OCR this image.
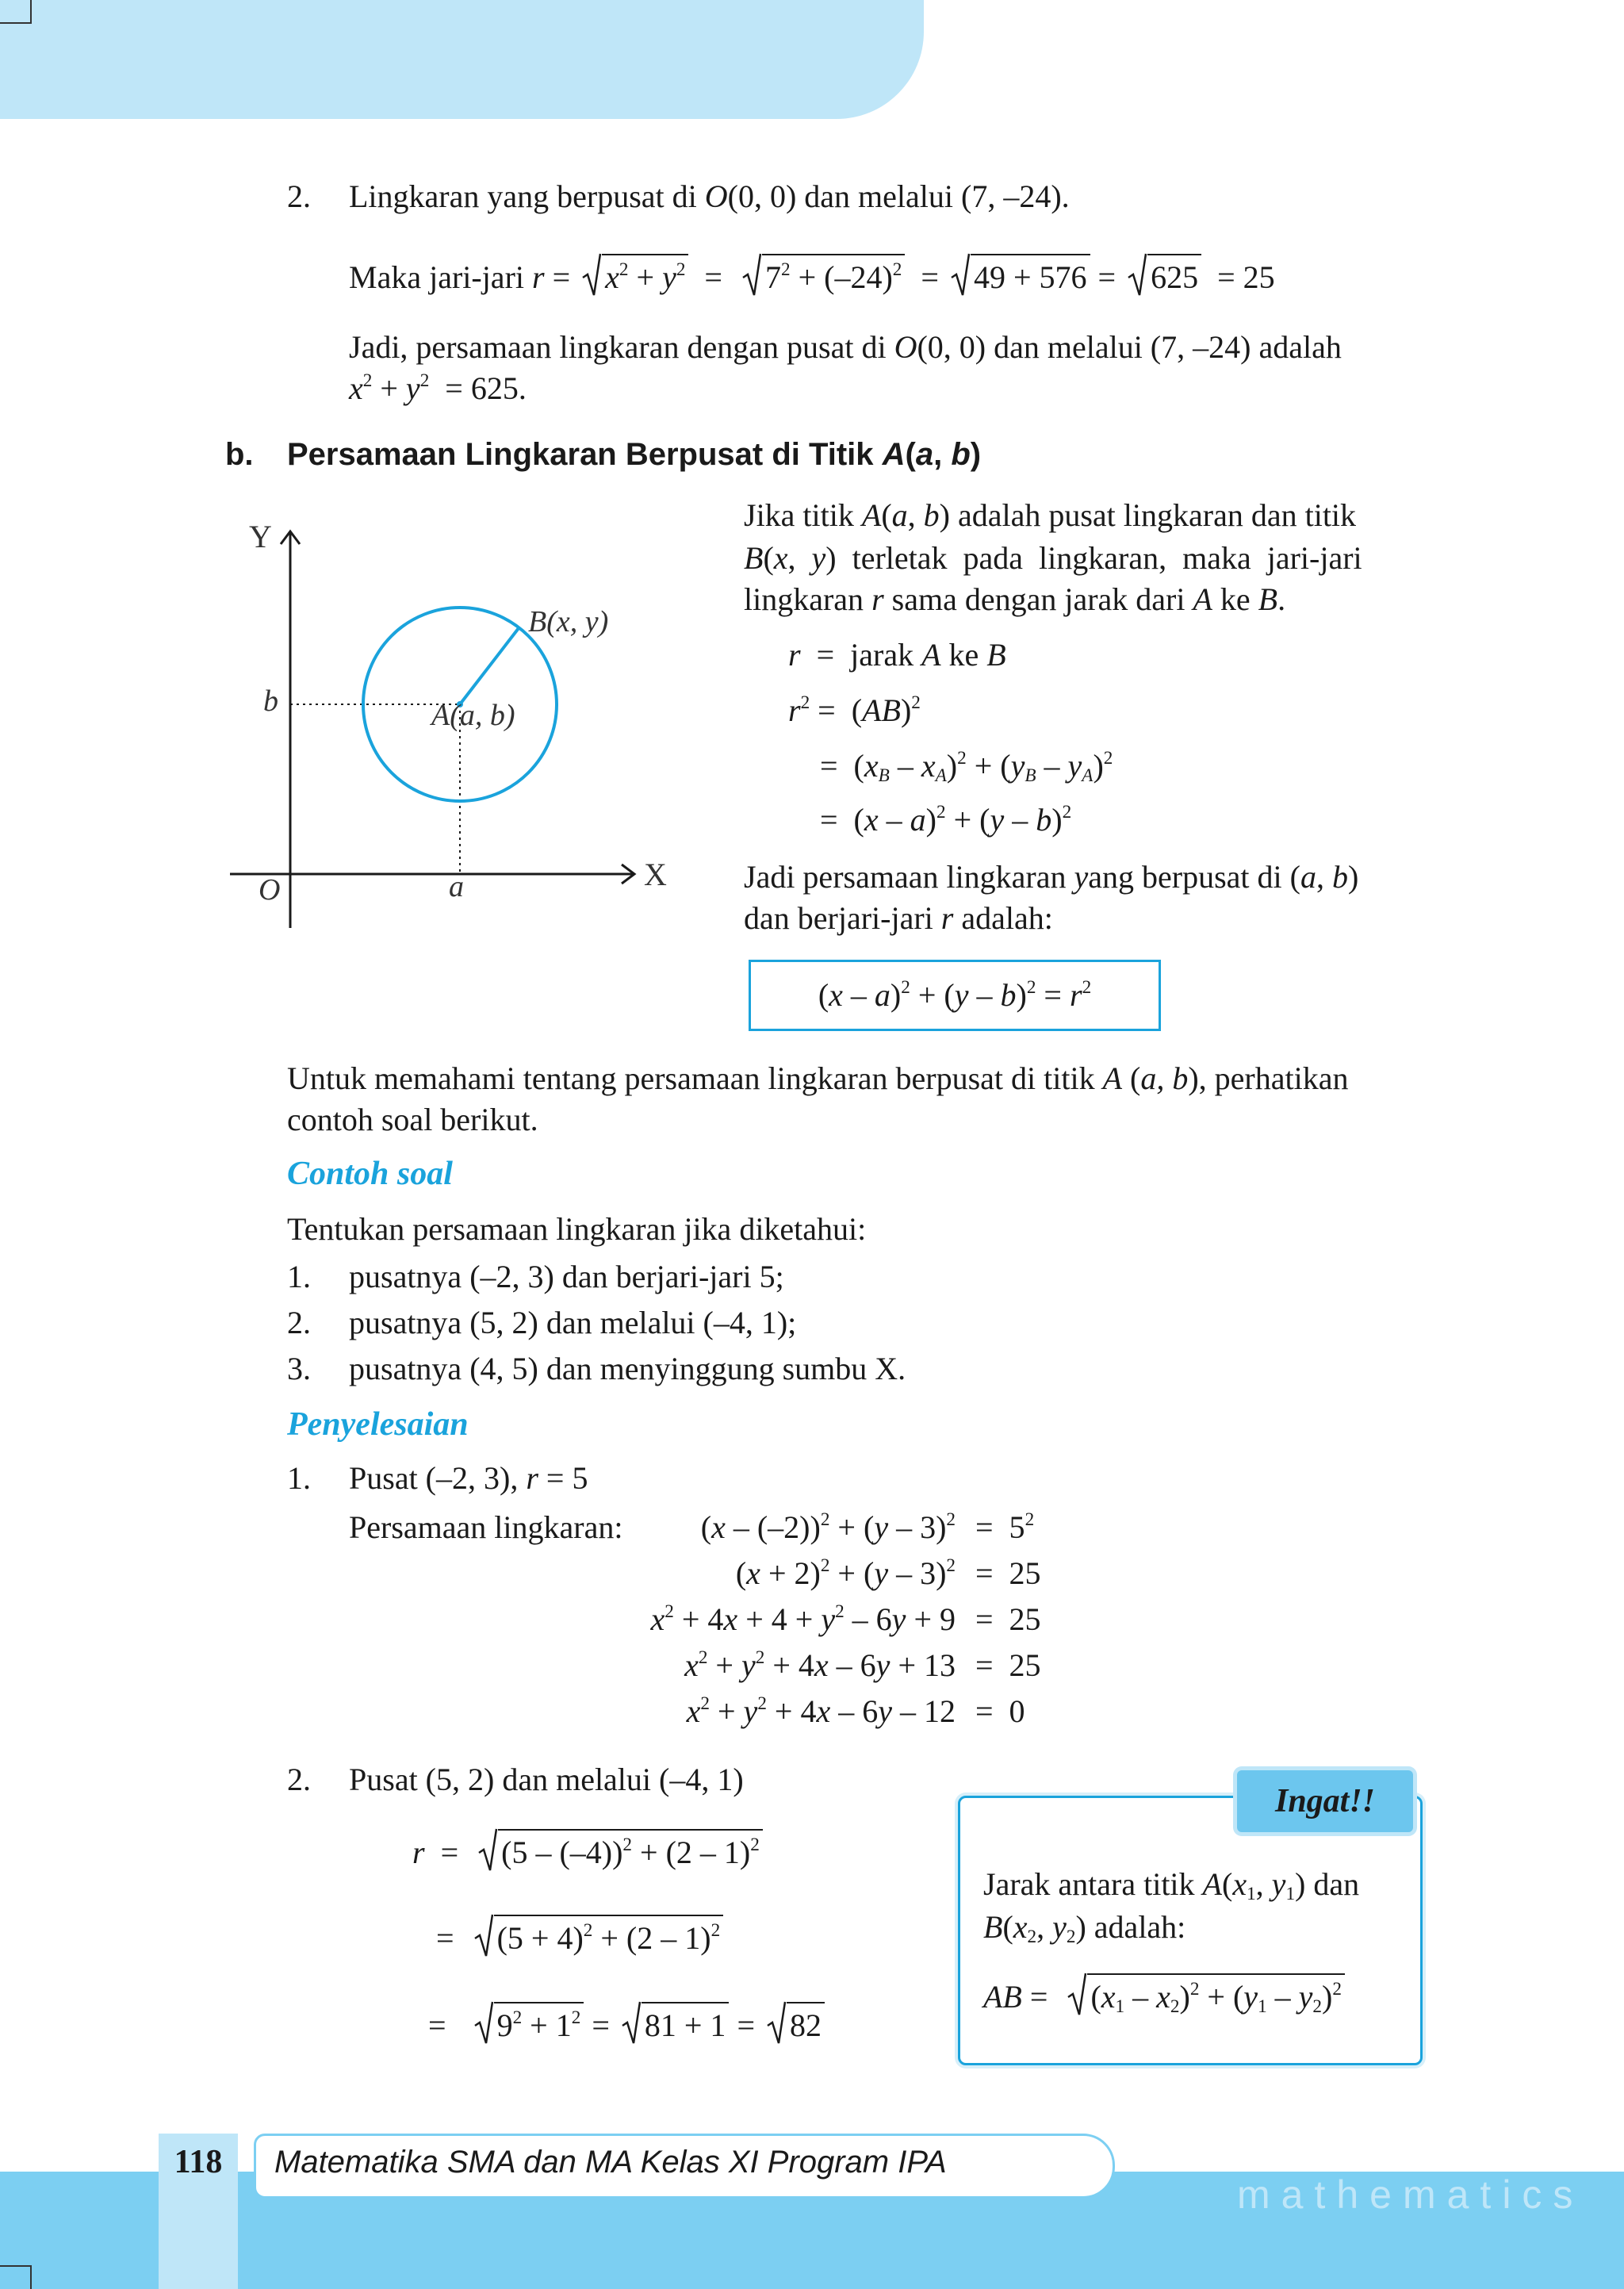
2. Lingkaran yang berpusat di O(0, 0) dan melalui (7, –24).
Maka jari-jari r =
$x^2 + y^2$  =
$7^2 + (-24)^2$  =
49 + 576 =
625 = 25
Jadi, persamaan lingkaran dengan pusat di O(0, 0) dan melalui (7, –24) adalah
$x^2 + y^2 = 625$.
b. Persamaan Lingkaran Berpusat di Titik A(a, b)
Y
X
O
b
a
B(x, y)
A(a, b)
Jika titik A(a, b) adalah pusat lingkaran dan titik
B(x,  y)  terletak  pada  lingkaran,  maka  jari-jari
lingkaran r sama dengan jarak dari A ke B.
r  =  jarak A ke B
$r^2 = (AB)^2$
=  $(x_B - x_A)^2 + (y_B - y_A)^2$
=  (x – a)$^2$ + (y – b)$^2$
Jadi persamaan lingkaran yang berpusat di (a, b)
dan berjari-jari r adalah:
$(x - a)^2 + (y - b)^2 = r^2$
Untuk memahami tentang persamaan lingkaran berpusat di titik A (a, b), perhatikan
contoh soal berikut.
Contoh soal
Tentukan persamaan lingkaran jika diketahui:
1. pusatnya (–2, 3) dan berjari-jari 5;
2. pusatnya (5, 2) dan melalui (–4, 1);
3. pusatnya (4, 5) dan menyinggung sumbu X.
Penyelesaian
1. Pusat (–2, 3), r = 5
Persamaan lingkaran:	$(x - (-2))^2 + (y - 3)^2 = 5^2$
$(x + 2)^2 + (y - 3)^2 = 25$
$x^2 + 4x + 4 + y^2 - 6y + 9 = 25$
$x^2 + y^2 + 4x - 6y + 13 = 25$
$x^2 + y^2 + 4x - 6y - 12 = 0$
2. Pusat (5, 2) dan melalui (–4, 1)
r  =
(5 – (–4))$^2$ + (2 – 1)$^2$
=
$(5 + 4)^2 + (2 - 1)^2$
=
$9^2 + 1^2$ =
81 + 1 =
82
Ingat!!
Jarak antara titik $A(x_1$, $y_1$) dan
$B(x_2$, $y_2$) adalah:
AB =
$(x_1 - x_2)^2 + (y_1 - y_2)^2$
118	Matematika SMA dan MA Kelas XI Program IPA
mathematics
